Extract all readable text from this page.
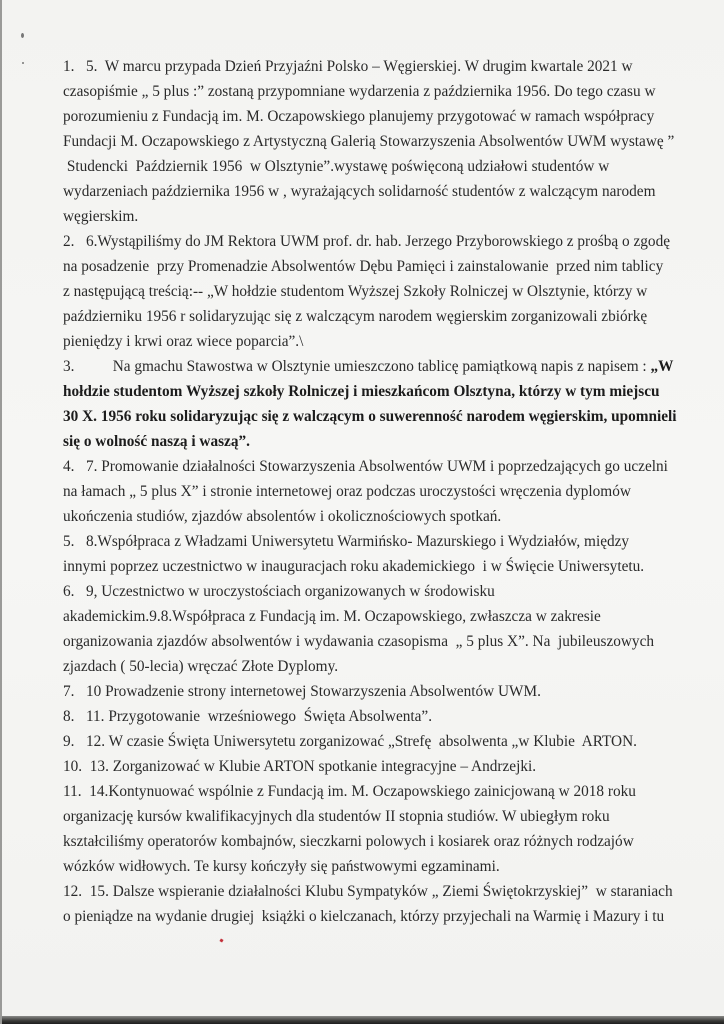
1.   5.  W marcu przypada Dzień Przyjaźni Polsko – Węgierskiej. W drugim kwartale 2021 w
czasopiśmie „ 5 plus :” zostaną przypomniane wydarzenia z października 1956. Do tego czasu w
porozumieniu z Fundacją im. M. Oczapowskiego planujemy przygotować w ramach współpracy
Fundacji M. Oczapowskiego z Artystyczną Galerią Stowarzyszenia Absolwentów UWM wystawę ”
Studencki  Październik 1956  w Olsztynie”.wystawę poświęconą udziałowi studentów w
wydarzeniach października 1956 w , wyrażających solidarność studentów z walczącym narodem
węgierskim.
2.   6.Wystąpiliśmy do JM Rektora UWM prof. dr. hab. Jerzego Przyborowskiego z prośbą o zgodę
na posadzenie  przy Promenadzie Absolwentów Dębu Pamięci i zainstalowanie  przed nim tablicy
z następującą treścią:-- „W hołdzie studentom Wyższej Szkoły Rolniczej w Olsztynie, którzy w
październiku 1956 r solidaryzując się z walczącym narodem węgierskim zorganizowali zbiórkę
pieniędzy i krwi oraz wiece poparcia”.\
3.          Na gmachu Stawostwa w Olsztynie umieszczono tablicę pamiątkową napis z napisem : „W
hołdzie studentom Wyższej szkoły Rolniczej i mieszkańcom Olsztyna, którzy w tym miejscu
30 X. 1956 roku solidaryzując się z walczącym o suwerenność narodem węgierskim, upomnieli
się o wolność naszą i waszą”.
4.   7. Promowanie działalności Stowarzyszenia Absolwentów UWM i poprzedzających go uczelni
na łamach „ 5 plus X” i stronie internetowej oraz podczas uroczystości wręczenia dyplomów
ukończenia studiów, zjazdów absolentów i okolicznościowych spotkań.
5.   8.Współpraca z Władzami Uniwersytetu Warmińsko- Mazurskiego i Wydziałów, między
innymi poprzez uczestnictwo w inauguracjach roku akademickiego  i w Święcie Uniwersytetu.
6.   9, Uczestnictwo w uroczystościach organizowanych w środowisku
akademickim.9.8.Współpraca z Fundacją im. M. Oczapowskiego, zwłaszcza w zakresie
organizowania zjazdów absolwentów i wydawania czasopisma  „ 5 plus X”. Na  jubileuszowych
zjazdach ( 50-lecia) wręczać Złote Dyplomy.
7.   10 Prowadzenie strony internetowej Stowarzyszenia Absolwentów UWM.
8.   11. Przygotowanie  wrześniowego  Święta Absolwenta”.
9.   12. W czasie Święta Uniwersytetu zorganizować „Strefę  absolwenta „w Klubie  ARTON.
10.  13. Zorganizować w Klubie ARTON spotkanie integracyjne – Andrzejki.
11.  14.Kontynuować wspólnie z Fundacją im. M. Oczapowskiego zainicjowaną w 2018 roku
organizację kursów kwalifikacyjnych dla studentów II stopnia studiów. W ubiegłym roku
kształciliśmy operatorów kombajnów, sieczkarni polowych i kosiarek oraz różnych rodzajów
wózków widłowych. Te kursy kończyły się państwowymi egzaminami.
12.  15. Dalsze wspieranie działalności Klubu Sympatyków „ Ziemi Świętokrzyskiej”  w staraniach
o pieniądze na wydanie drugiej  książki o kielczanach, którzy przyjechali na Warmię i Mazury i tu
